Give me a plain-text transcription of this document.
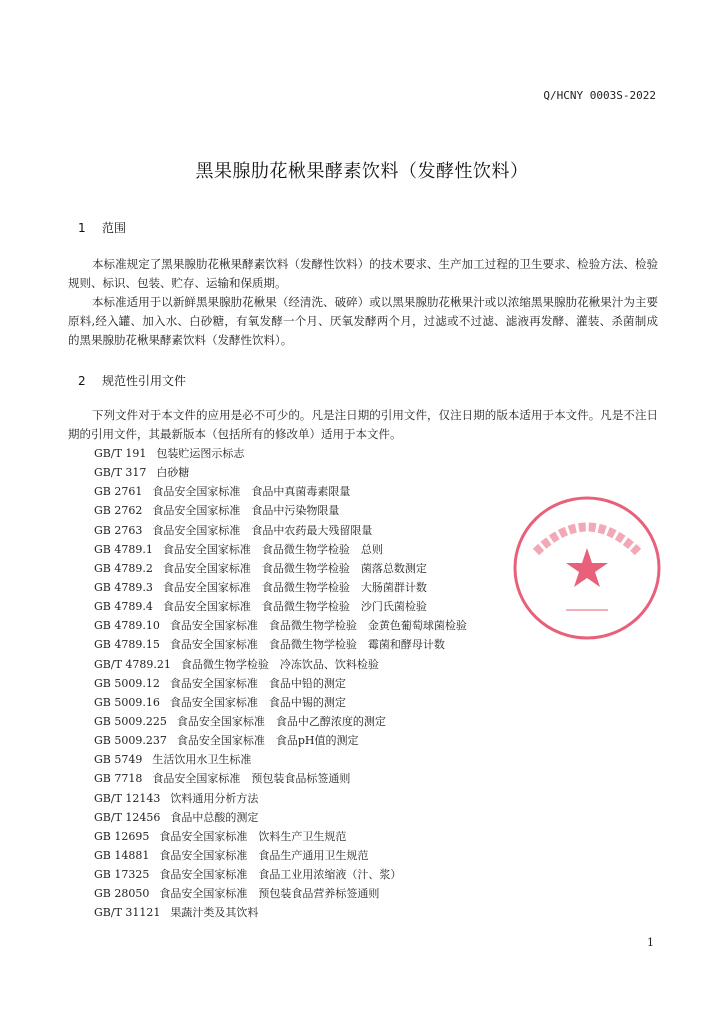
Q/HCNY 0003S-2022
黑果腺肋花楸果酵素饮料（发酵性饮料）
1 范围

本标准规定了黑果腺肋花楸果酵素饮料（发酵性饮料）的技术要求、生产加工过程的卫生要求、检验方法、检验规则、标识、包装、贮存、运输和保质期。

本标准适用于以新鲜黑果腺肋花楸果（经清洗、破碎）或以黑果腺肋花楸果汁或以浓缩黑果腺肋花楸果汁为主要原料,经入罐、加入水、白砂糖，有氧发酵一个月、厌氧发酵两个月，过滤或不过滤、滤液再发酵、灌装、杀菌制成的黑果腺肋花楸果酵素饮料（发酵性饮料）。

2 规范性引用文件

下列文件对于本文件的应用是必不可少的。凡是注日期的引用文件，仅注日期的版本适用于本文件。凡是不注日期的引用文件，其最新版本（包括所有的修改单）适用于本文件。

GB/T 191 包装贮运图示标志
GB/T 317 白砂糖
GB 2761 食品安全国家标准　食品中真菌毒素限量
GB 2762 食品安全国家标准　食品中污染物限量
GB 2763 食品安全国家标准　食品中农药最大残留限量
GB 4789.1 食品安全国家标准　食品微生物学检验　总则
GB 4789.2 食品安全国家标准　食品微生物学检验　菌落总数测定
GB 4789.3 食品安全国家标准　食品微生物学检验　大肠菌群计数
GB 4789.4 食品安全国家标准　食品微生物学检验　沙门氏菌检验
GB 4789.10 食品安全国家标准　食品微生物学检验　金黄色葡萄球菌检验
GB 4789.15 食品安全国家标准　食品微生物学检验　霉菌和酵母计数
GB/T 4789.21 食品微生物学检验　冷冻饮品、饮料检验
GB 5009.12 食品安全国家标准　食品中铅的测定
GB 5009.16 食品安全国家标准　食品中锡的测定
GB 5009.225 食品安全国家标准　食品中乙醇浓度的测定
GB 5009.237 食品安全国家标准　食品pH值的测定
GB 5749 生活饮用水卫生标准
GB 7718 食品安全国家标准　预包装食品标签通则
GB/T 12143 饮料通用分析方法
GB/T 12456 食品中总酸的测定
GB 12695 食品安全国家标准　饮料生产卫生规范
GB 14881 食品安全国家标准　食品生产通用卫生规范
GB 17325 食品安全国家标准　食品工业用浓缩液（汁、浆）
GB 28050 食品安全国家标准　预包装食品营养标签通则
GB/T 31121 果蔬汁类及其饮料
1
